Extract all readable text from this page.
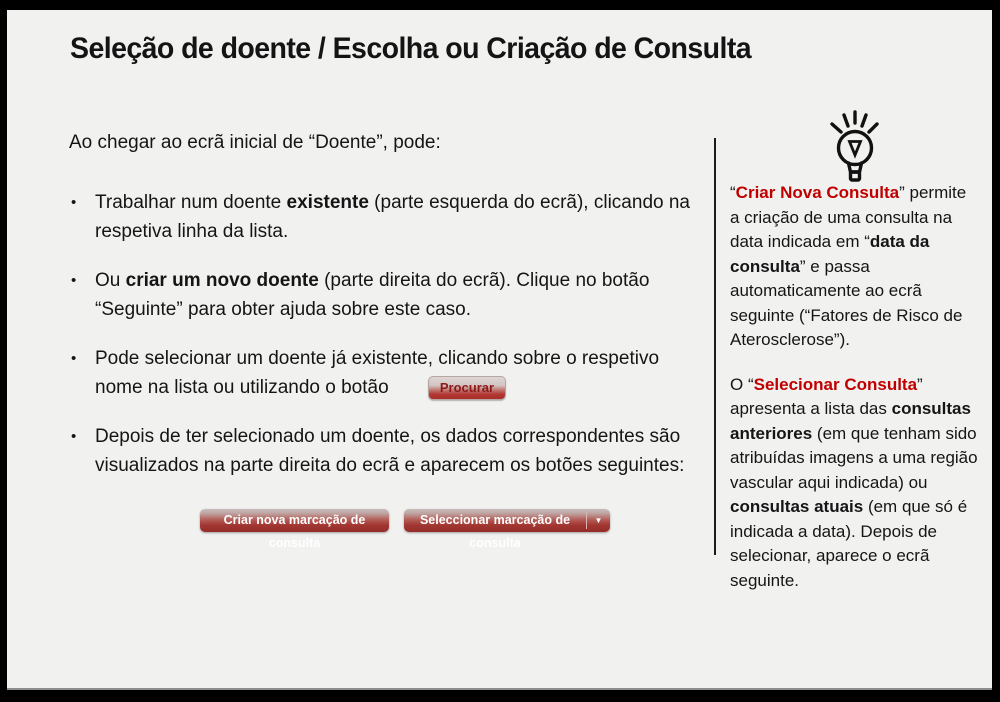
Seleção de doente / Escolha ou Criação de Consulta
Ao chegar ao ecrã inicial de “Doente”, pode:
• Trabalhar num doente existente (parte esquerda do ecrã), clicando na respetiva linha da lista.
• Ou criar um novo doente (parte direita do ecrã). Clique no botão “Seguinte” para obter ajuda sobre este caso.
• Pode selecionar um doente já existente, clicando sobre o respetivo nome na lista ou utilizando o botão	Procurar
• Depois de ter selecionado um doente, os dados correspondentes são visualizados na parte direita do ecrã e aparecem os botões seguintes:
Criar nova marcação de consulta
Seleccionar marcação de consulta
▼

“Criar Nova Consulta” permite a criação de uma consulta na data indicada em “data da consulta” e passa automaticamente ao ecrã seguinte (“Fatores de Risco de Aterosclerose”).

O “Selecionar Consulta” apresenta a lista das consultas anteriores (em que tenham sido atribuídas imagens a uma região vascular aqui indicada) ou consultas atuais (em que só é indicada a data). Depois de selecionar, aparece o ecrã seguinte.
